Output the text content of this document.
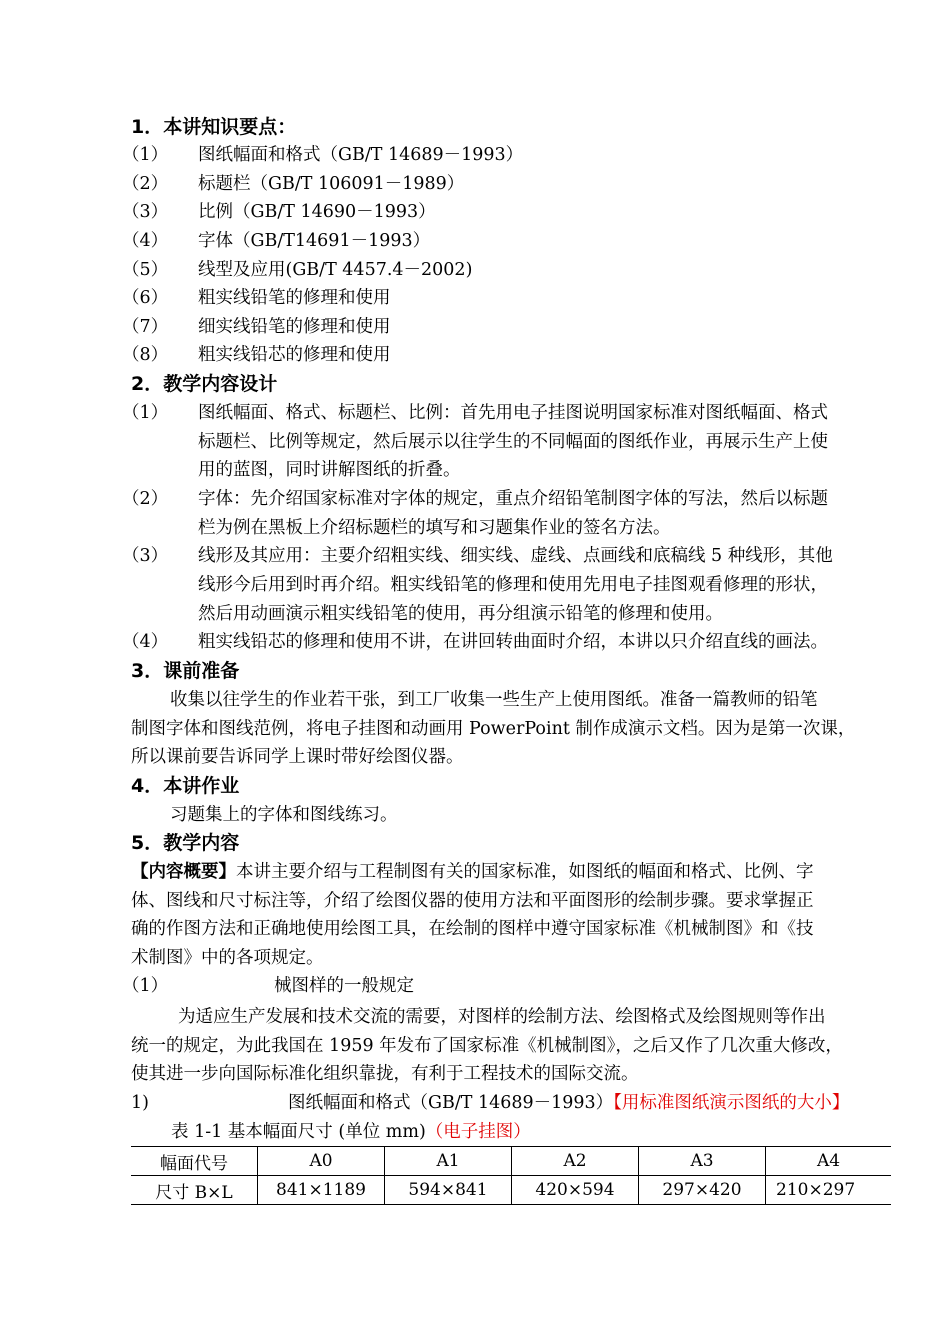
1．本讲知识要点：
（1） 图纸幅面和格式（GB/T 14689－1993）
（2） 标题栏（GB/T 106091－1989）
（3） 比例（GB/T 14690－1993）
（4） 字体（GB/T14691－1993）
（5） 线型及应用(GB/T 4457.4－2002)
（6） 粗实线铅笔的修理和使用
（7） 细实线铅笔的修理和使用
（8） 粗实线铅芯的修理和使用
2．教学内容设计
（1） 图纸幅面、格式、标题栏、比例：首先用电子挂图说明国家标准对图纸幅面、格式
标题栏、比例等规定，然后展示以往学生的不同幅面的图纸作业，再展示生产上使
用的蓝图，同时讲解图纸的折叠。
（2） 字体：先介绍国家标准对字体的规定，重点介绍铅笔制图字体的写法，然后以标题
栏为例在黑板上介绍标题栏的填写和习题集作业的签名方法。
（3） 线形及其应用：主要介绍粗实线、细实线、虚线、点画线和底稿线 5 种线形，其他
线形今后用到时再介绍。粗实线铅笔的修理和使用先用电子挂图观看修理的形状，
然后用动画演示粗实线铅笔的使用，再分组演示铅笔的修理和使用。
（4） 粗实线铅芯的修理和使用不讲，在讲回转曲面时介绍，本讲以只介绍直线的画法。
3．课前准备
收集以往学生的作业若干张，到工厂收集一些生产上使用图纸。准备一篇教师的铅笔
制图字体和图线范例，将电子挂图和动画用 PowerPoint 制作成演示文档。因为是第一次课，
所以课前要告诉同学上课时带好绘图仪器。
4．本讲作业
习题集上的字体和图线练习。
5．教学内容
【内容概要】本讲主要介绍与工程制图有关的国家标准，如图纸的幅面和格式、比例、字
体、图线和尺寸标注等，介绍了绘图仪器的使用方法和平面图形的绘制步骤。要求掌握正
确的作图方法和正确地使用绘图工具，在绘制的图样中遵守国家标准《机械制图》和《技
术制图》中的各项规定。
（1）	械图样的一般规定
为适应生产发展和技术交流的需要，对图样的绘制方法、绘图格式及绘图规则等作出
统一的规定，为此我国在 1959 年发布了国家标准《机械制图》，之后又作了几次重大修改，
使其进一步向国际标准化组织靠拢，有利于工程技术的国际交流。
1)	图纸幅面和格式（GB/T 14689－1993）【用标准图纸演示图纸的大小】
表 1-1 基本幅面尺寸 (单位 mm)（电子挂图）
幅面代号	A0	A1	A2	A3	A4
尺寸 B×L	841×1189	594×841	420×594	297×420	210×297
